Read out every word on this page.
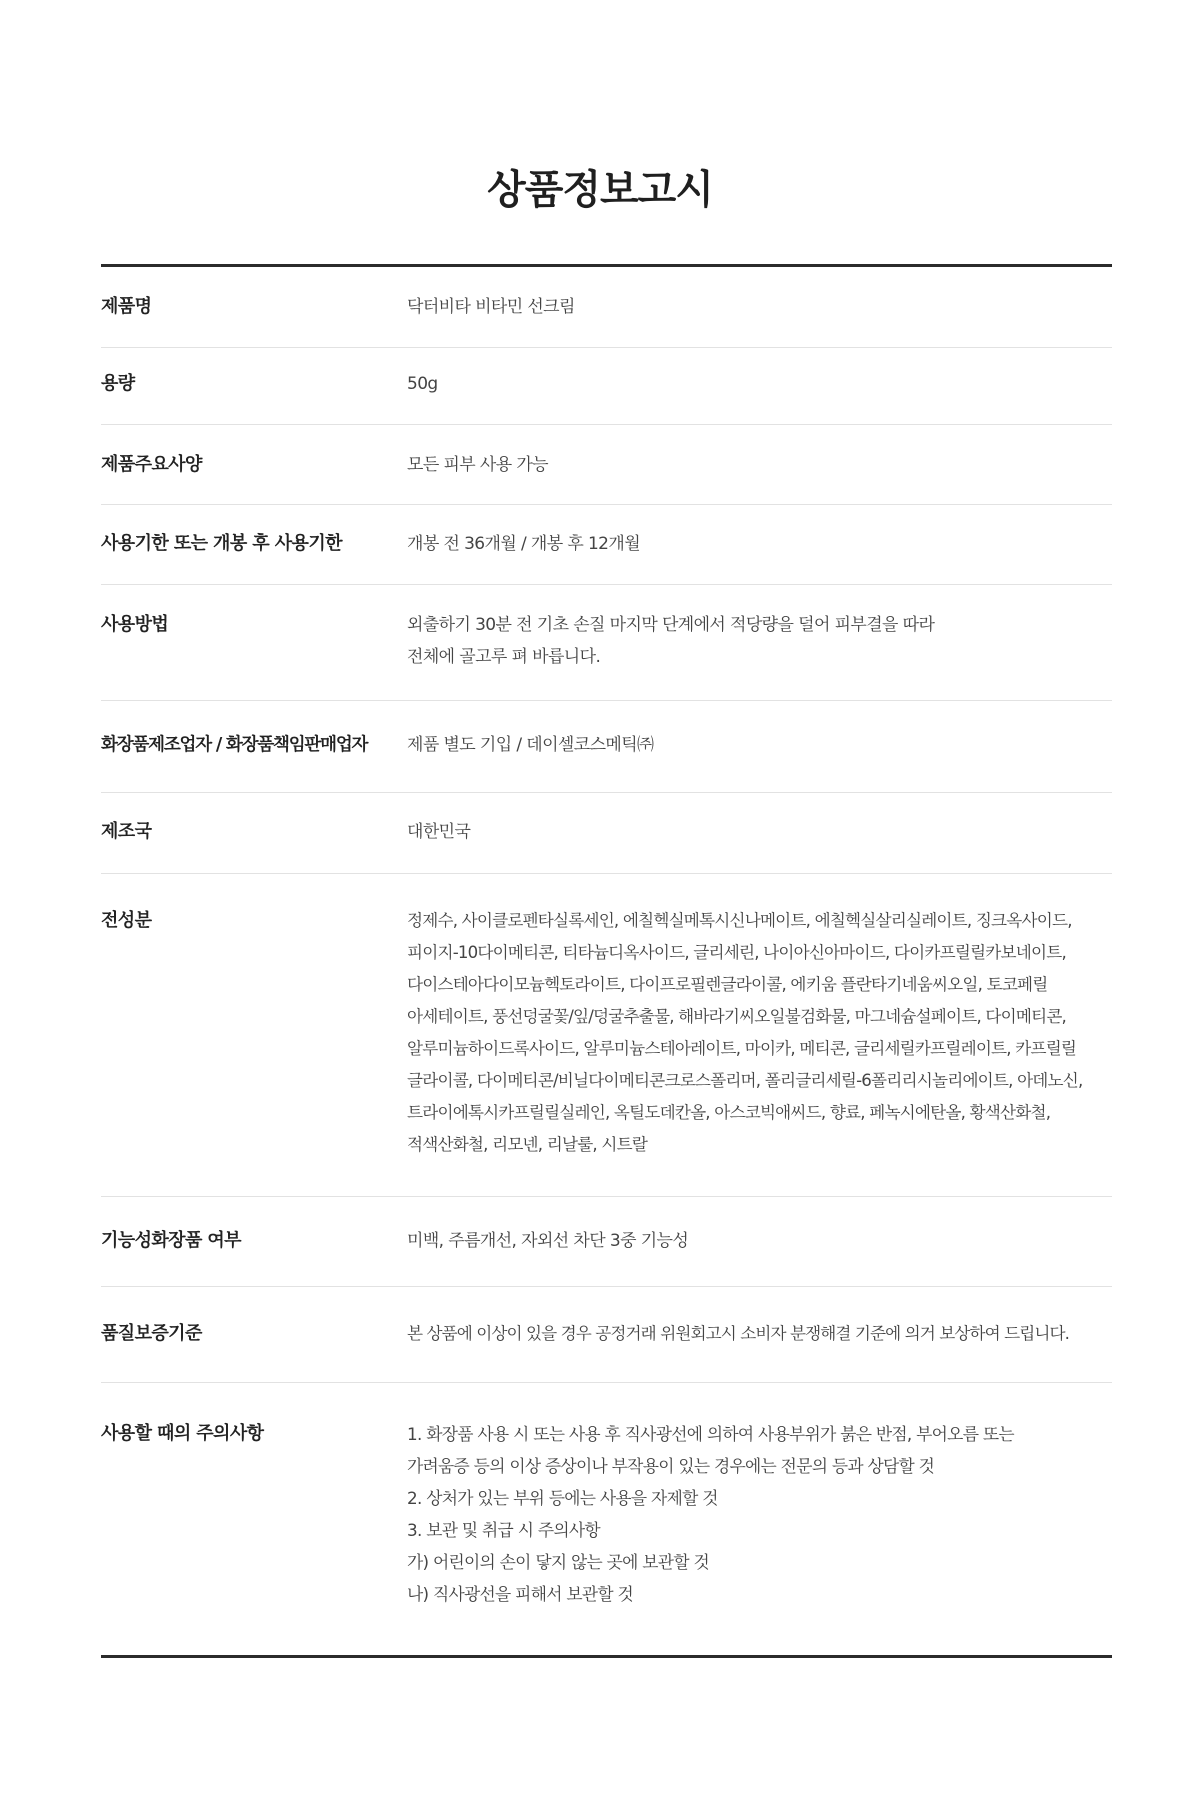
상품정보고시
제품명	닥터비타 비타민 선크림
용량	50g
제품주요사양	모든 피부 사용 가능
사용기한 또는 개봉 후 사용기한	개봉 전 36개월 / 개봉 후 12개월
사용방법	외출하기 30분 전 기초 손질 마지막 단계에서 적당량을 덜어 피부결을 따라
전체에 골고루 펴 바릅니다.
화장품제조업자 / 화장품책임판매업자	제품 별도 기입 / 데이셀코스메틱㈜
제조국	대한민국
전성분	정제수, 사이클로펜타실록세인, 에칠헥실메톡시신나메이트, 에칠헥실살리실레이트, 징크옥사이드,
피이지-10다이메티콘, 티타늄디옥사이드, 글리세린, 나이아신아마이드, 다이카프릴릴카보네이트,
다이스테아다이모늄헥토라이트, 다이프로필렌글라이콜, 에키움 플란타기네움씨오일, 토코페릴
아세테이트, 풍선덩굴꽃/잎/덩굴추출물, 해바라기씨오일불검화물, 마그네슘설페이트, 다이메티콘,
알루미늄하이드록사이드, 알루미늄스테아레이트, 마이카, 메티콘, 글리세릴카프릴레이트, 카프릴릴
글라이콜, 다이메티콘/비닐다이메티콘크로스폴리머, 폴리글리세릴-6폴리리시놀리에이트, 아데노신,
트라이에톡시카프릴릴실레인, 옥틸도데칸올, 아스코빅애씨드, 향료, 페녹시에탄올, 황색산화철,
적색산화철, 리모넨, 리날룰, 시트랄
기능성화장품 여부	미백, 주름개선, 자외선 차단 3중 기능성
품질보증기준	본 상품에 이상이 있을 경우 공정거래 위원회고시 소비자 분쟁해결 기준에 의거 보상하여 드립니다.
사용할 때의 주의사항	1. 화장품 사용 시 또는 사용 후 직사광선에 의하여 사용부위가 붉은 반점, 부어오름 또는
가려움증 등의 이상 증상이나 부작용이 있는 경우에는 전문의 등과 상담할 것
2. 상처가 있는 부위 등에는 사용을 자제할 것
3. 보관 및 취급 시 주의사항
가) 어린이의 손이 닿지 않는 곳에 보관할 것
나) 직사광선을 피해서 보관할 것
